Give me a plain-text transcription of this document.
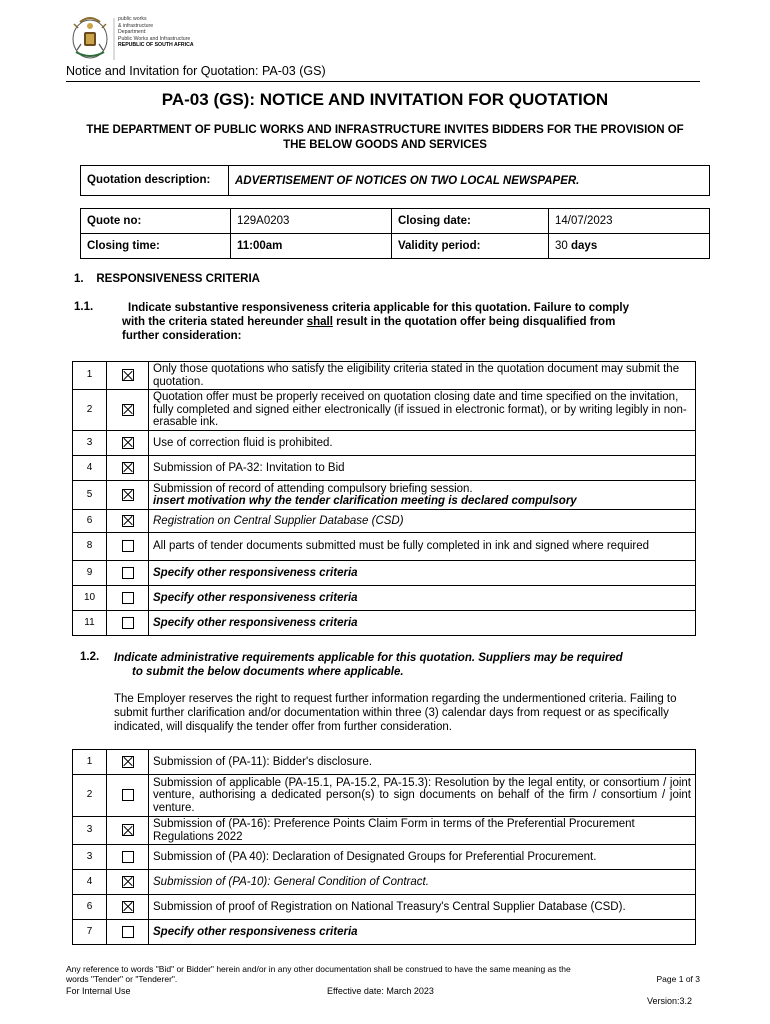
public works
& infrastructure
Department:
Public Works and Infrastructure
REPUBLIC OF SOUTH AFRICA
Notice and Invitation for Quotation: PA-03 (GS)
PA-03 (GS): NOTICE AND INVITATION FOR QUOTATION
THE DEPARTMENT OF PUBLIC WORKS AND INFRASTRUCTURE INVITES BIDDERS FOR THE PROVISION OF THE BELOW GOODS AND SERVICES
Quotation description:	ADVERTISEMENT OF NOTICES ON TWO LOCAL NEWSPAPER.
Quote no:	129A0203	Closing date:	14/07/2023
Closing time:	11:00am	Validity period:	30 days
1. RESPONSIVENESS CRITERIA
1.1.	Indicate substantive responsiveness criteria applicable for this quotation. Failure to comply
with the criteria stated hereunder shall result in the quotation offer being disqualified from
further consideration:
1		Only those quotations who satisfy the eligibility criteria stated in the quotation document may submit the quotation.
2		Quotation offer must be properly received on quotation closing date and time specified on the invitation, fully completed and signed either electronically (if issued in electronic format), or by writing legibly in non-erasable ink.
3		Use of correction fluid is prohibited.
4		Submission of PA-32: Invitation to Bid
5		Submission of record of attending compulsory briefing session.
insert motivation why the tender clarification meeting is declared compulsory

6		Registration on Central Supplier Database (CSD)
8		All parts of tender documents submitted must be fully completed in ink and signed where required
9		Specify other responsiveness criteria
10		Specify other responsiveness criteria
11		Specify other responsiveness criteria
1.2. Indicate administrative requirements applicable for this quotation. Suppliers may be required
to submit the below documents where applicable.
The Employer reserves the right to request further information regarding the undermentioned criteria. Failing to submit further clarification and/or documentation within three (3) calendar days from request or as specifically indicated, will disqualify the tender offer from further consideration.
1		Submission of (PA-11): Bidder's disclosure.
2		Submission of applicable (PA-15.1, PA-15.2, PA-15.3): Resolution by the legal entity, or consortium / joint venture, authorising a dedicated person(s) to sign documents on behalf of the firm / consortium / joint venture.
3		Submission of (PA-16): Preference Points Claim Form in terms of the Preferential Procurement Regulations 2022
3		Submission of (PA 40): Declaration of Designated Groups for Preferential Procurement.
4		Submission of (PA-10): General Condition of Contract.
6		Submission of proof of Registration on National Treasury's Central Supplier Database (CSD).
7		Specify other responsiveness criteria
Any reference to words "Bid" or Bidder" herein and/or in any other documentation shall be construed to have the same meaning as the
words "Tender" or "Tenderer".	Page 1 of 3
For Internal Use	Effective date: March 2023
Version:3.2
